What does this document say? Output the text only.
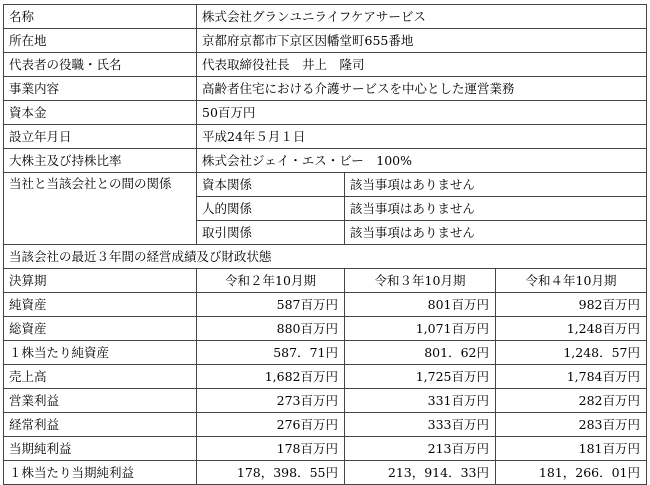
名称	株式会社グランユニライフケアサービス
所在地	京都府京都市下京区因幡堂町655番地
代表者の役職・氏名	代表取締役社長　井上　隆司
事業内容	高齢者住宅における介護サービスを中心とした運営業務
資本金	50百万円
設立年月日	平成24年５月１日
大株主及び持株比率	株式会社ジェイ・エス・ビー　100%
当社と当該会社との間の関係	資本関係	該当事項はありません
人的関係	該当事項はありません
取引関係	該当事項はありません
当該会社の最近３年間の経営成績及び財政状態			
決算期	令和２年10月期	令和３年10月期	令和４年10月期
純資産	587百万円	801百万円	982百万円
総資産	880百万円	1,071百万円	1,248百万円
１株当たり純資産	587．71円	801．62円	1,248．57円
売上高	1,682百万円	1,725百万円	1,784百万円
営業利益	273百万円	331百万円	282百万円
経常利益	276百万円	333百万円	283百万円
当期純利益	178百万円	213百万円	181百万円
１株当たり当期純利益	178，398．55円	213，914．33円	181，266．01円
